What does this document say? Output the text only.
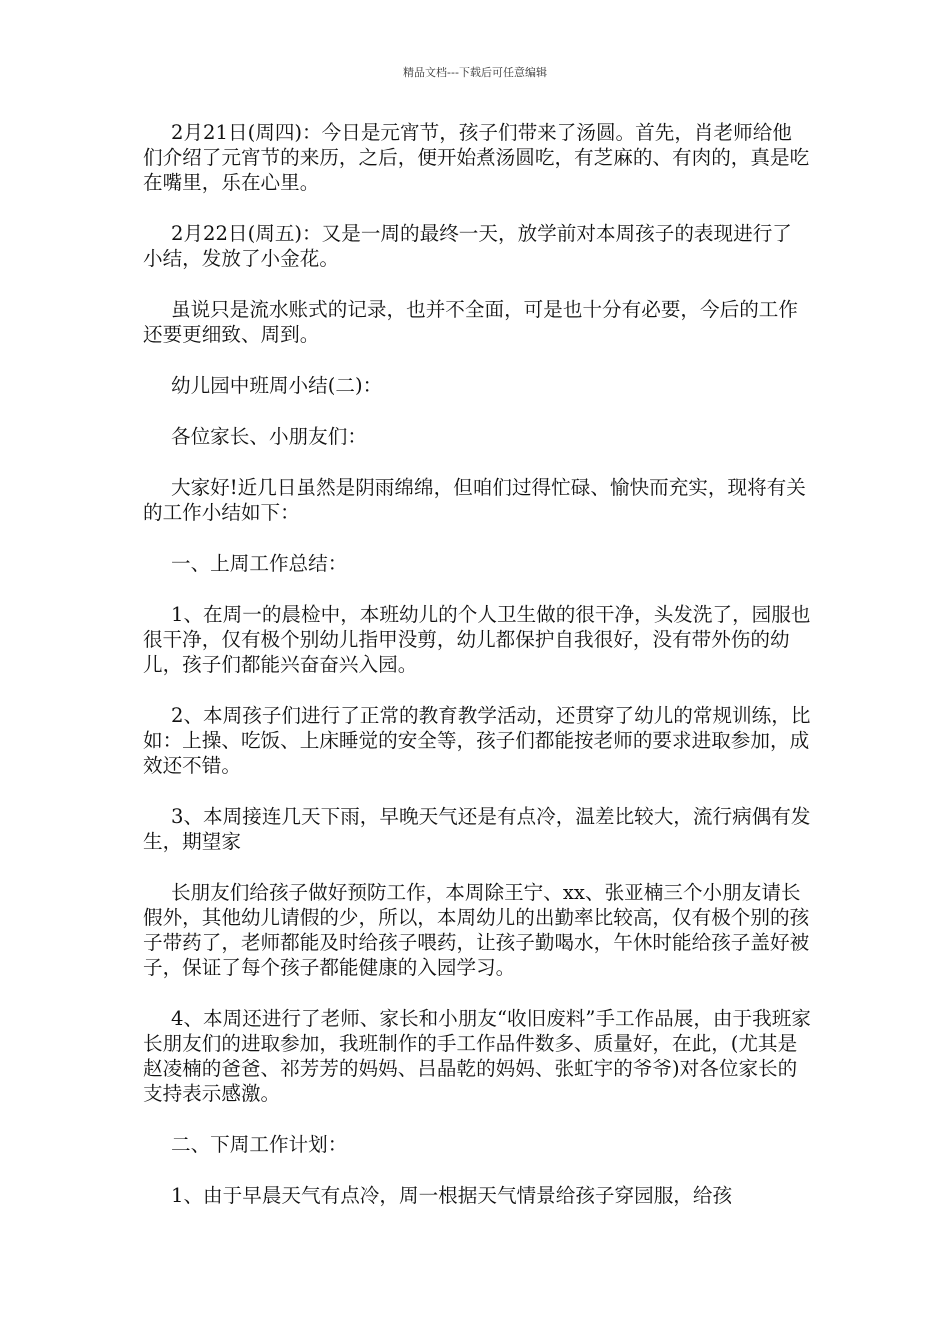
精品文档---下载后可任意编辑

2月21日(周四)：今日是元宵节，孩子们带来了汤圆。首先，肖老师给他们介绍了元宵节的来历，之后，便开始煮汤圆吃，有芝麻的、有肉的，真是吃在嘴里，乐在心里。

2月22日(周五)：又是一周的最终一天，放学前对本周孩子的表现进行了小结，发放了小金花。

虽说只是流水账式的记录，也并不全面，可是也十分有必要，今后的工作还要更细致、周到。

幼儿园中班周小结(二)：

各位家长、小朋友们：

大家好!近几日虽然是阴雨绵绵，但咱们过得忙碌、愉快而充实，现将有关的工作小结如下：

一、上周工作总结：

1、在周一的晨检中，本班幼儿的个人卫生做的很干净，头发洗了，园服也很干净，仅有极个别幼儿指甲没剪，幼儿都保护自我很好，没有带外伤的幼儿，孩子们都能兴奋奋兴入园。

2、本周孩子们进行了正常的教育教学活动，还贯穿了幼儿的常规训练，比如：上操、吃饭、上床睡觉的安全等，孩子们都能按老师的要求进取参加，成效还不错。

3、本周接连几天下雨，早晚天气还是有点冷，温差比较大，流行病偶有发生，期望家

长朋友们给孩子做好预防工作，本周除王宁、xx、张亚楠三个小朋友请长假外，其他幼儿请假的少，所以，本周幼儿的出勤率比较高，仅有极个别的孩子带药了，老师都能及时给孩子喂药，让孩子勤喝水，午休时能给孩子盖好被子，保证了每个孩子都能健康的入园学习。

4、本周还进行了老师、家长和小朋友“收旧废料”手工作品展，由于我班家长朋友们的进取参加，我班制作的手工作品件数多、质量好，在此，(尤其是赵凌楠的爸爸、祁芳芳的妈妈、吕晶乾的妈妈、张虹宇的爷爷)对各位家长的支持表示感激。

二、下周工作计划：

1、由于早晨天气有点冷，周一根据天气情景给孩子穿园服，给孩
